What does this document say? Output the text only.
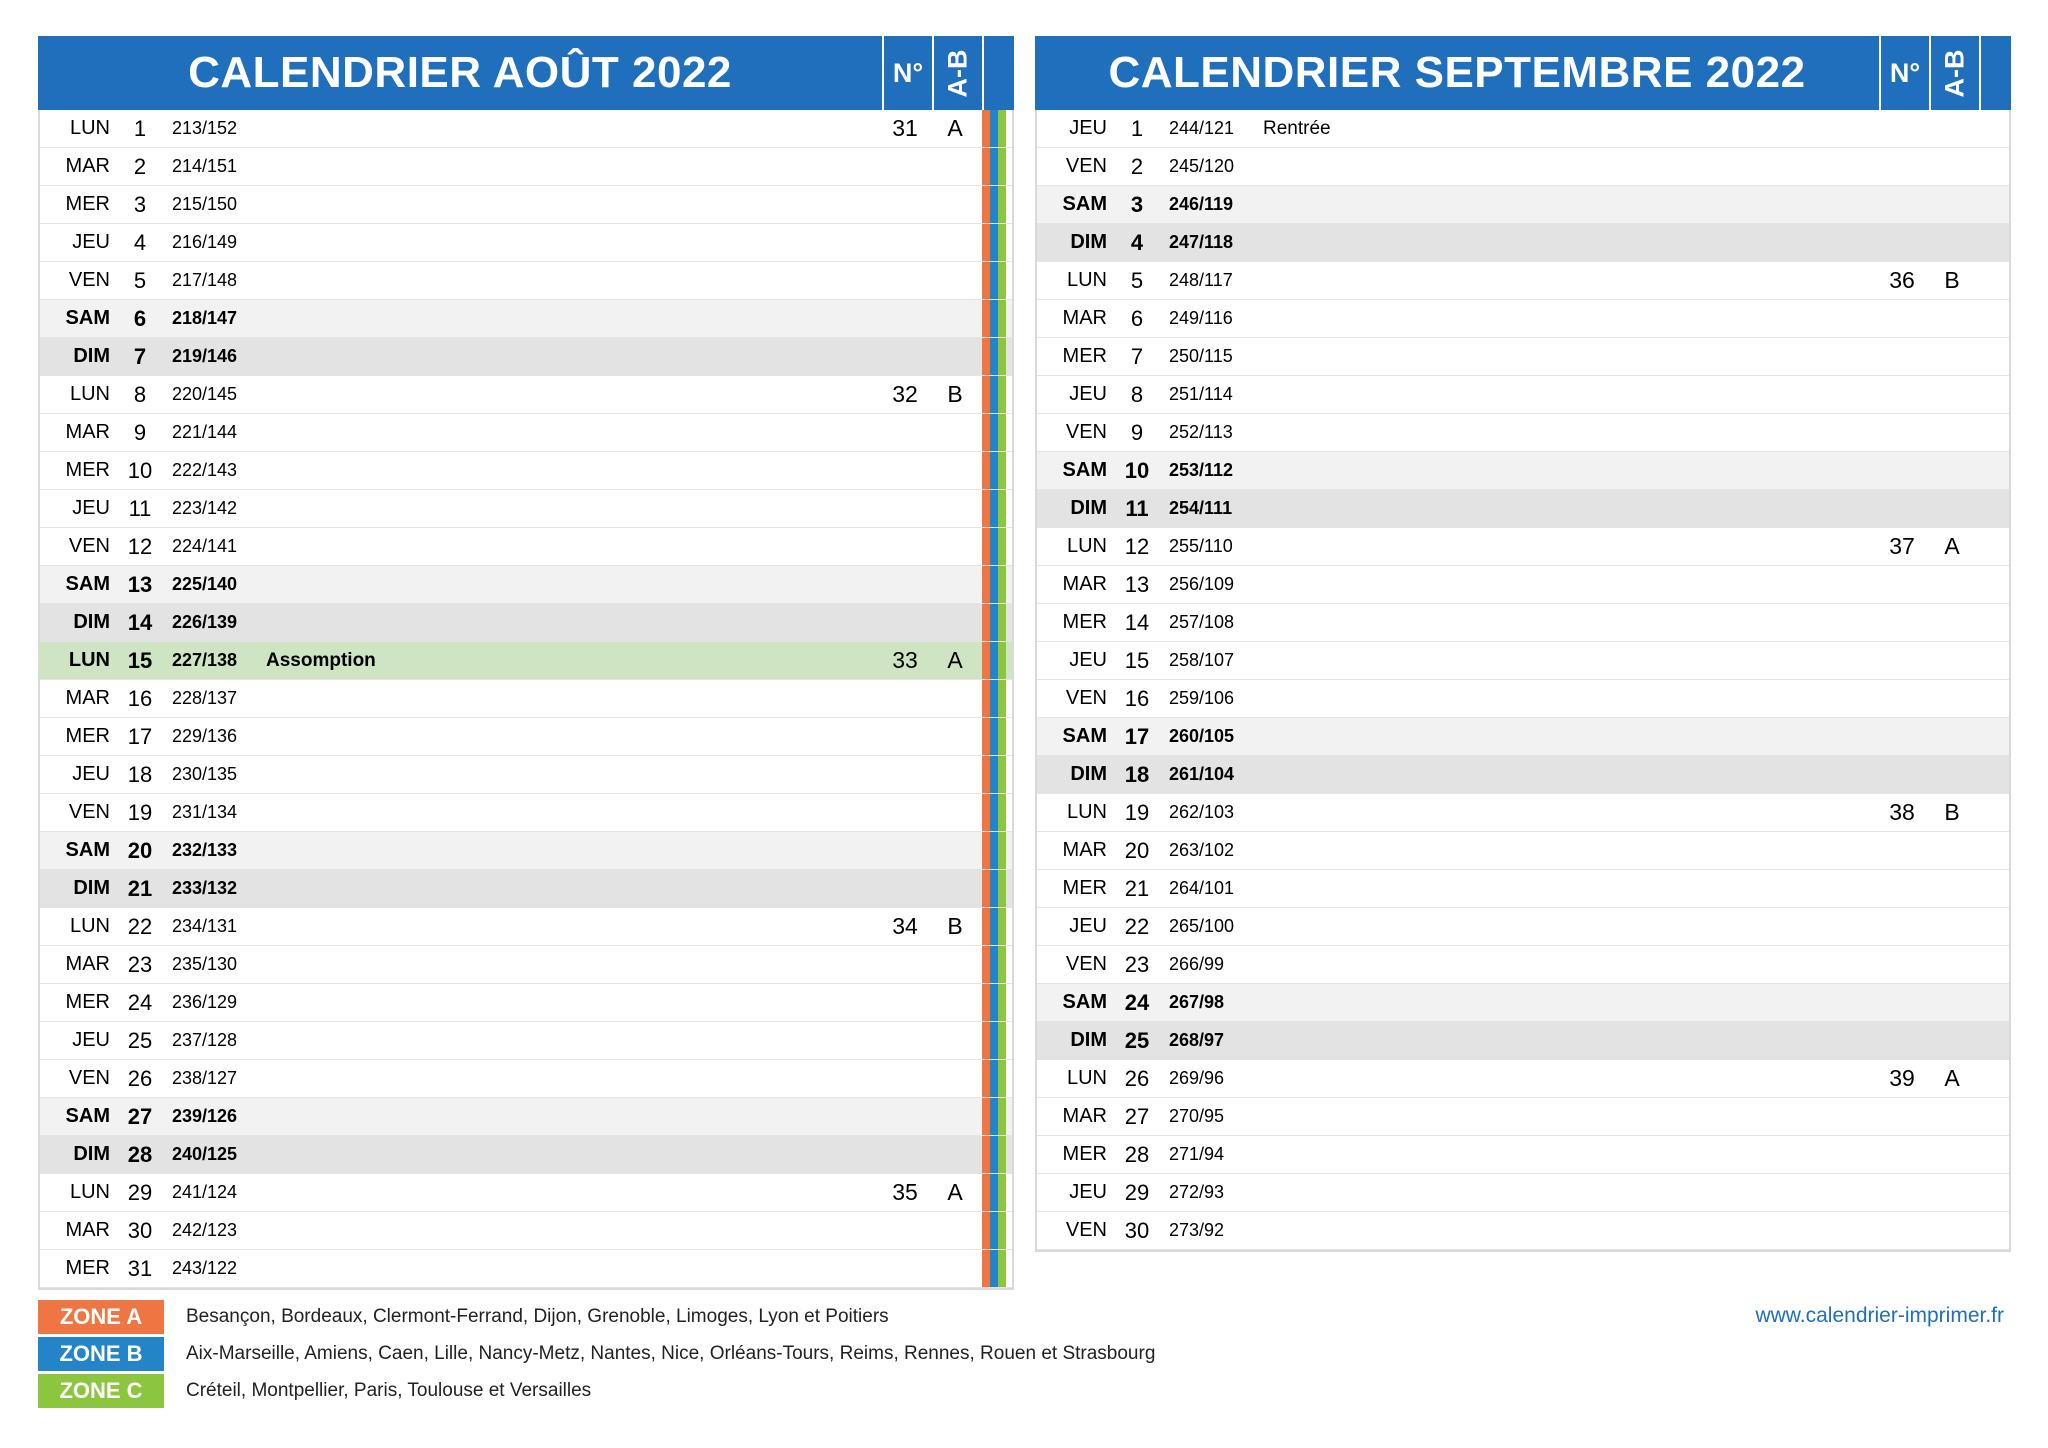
CALENDRIER AOÛT 2022	N° A-B
LUN	1	213/152	31	A
MAR	2	214/151
MER	3	215/150
JEU	4	216/149
VEN	5	217/148
SAM	6	218/147
DIM	7	219/146
LUN	8	220/145	32	B
MAR	9	221/144
MER 10	222/143
JEU 11	223/142
VEN 12	224/141
SAM 13	225/140
DIM 14	226/139
LUN 15	227/138	Assomption	33	A
MAR 16	228/137
MER 17	229/136
JEU 18	230/135
VEN 19	231/134
SAM 20	232/133
DIM 21	233/132
LUN 22	234/131	34	B
MAR 23	235/130
MER 24	236/129
JEU 25	237/128
VEN 26	238/127
SAM 27	239/126
DIM 28	240/125
LUN 29	241/124	35	A
MAR 30	242/123
MER 31	243/122
CALENDRIER SEPTEMBRE 2022	N° A-B
JEU	1	244/121	Rentrée
VEN	2	245/120
SAM	3	246/119
DIM	4	247/118
LUN	5	248/117	36	B
MAR	6	249/116
MER	7	250/115
JEU	8	251/114
VEN	9	252/113
SAM 10	253/112
DIM 11	254/111
LUN 12	255/110	37	A
MAR 13	256/109
MER 14	257/108
JEU 15	258/107
VEN 16	259/106
SAM 17	260/105
DIM 18	261/104
LUN 19	262/103	38	B
MAR 20	263/102
MER 21	264/101
JEU 22	265/100
VEN 23	266/99
SAM 24	267/98
DIM 25	268/97
LUN 26	269/96	39	A
MAR 27	270/95
MER 28	271/94
JEU 29	272/93
VEN 30	273/92
ZONE A	Besançon, Bordeaux, Clermont-Ferrand, Dijon, Grenoble, Limoges, Lyon et Poitiers
ZONE B	Aix-Marseille, Amiens, Caen, Lille, Nancy-Metz, Nantes, Nice, Orléans-Tours, Reims, Rennes, Rouen et Strasbourg
ZONE C	Créteil, Montpellier, Paris, Toulouse et Versailles
www.calendrier-imprimer.fr
